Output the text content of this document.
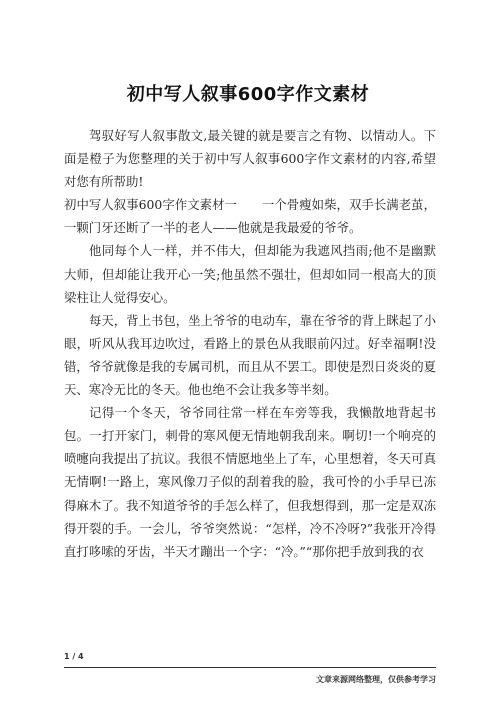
初中写人叙事600字作文素材

驾驭好写人叙事散文,最关键的就是要言之有物、以情动人。下面是橙子为您整理的关于初中写人叙事600字作文素材的内容,希望对您有所帮助!

初中写人叙事600字作文素材一　　一个骨瘦如柴，双手长满老茧，一颗门牙还断了一半的老人——他就是我最爱的爷爷。

他同每个人一样，并不伟大，但却能为我遮风挡雨;他不是幽默大师，但却能让我开心一笑;他虽然不强壮，但却如同一根高大的顶梁柱让人觉得安心。

每天，背上书包，坐上爷爷的电动车，靠在爷爷的背上眯起了小眼，听风从我耳边吹过，看路上的景色从我眼前闪过。好幸福啊!没错，爷爷就像是我的专属司机，而且从不罢工。即使是烈日炎炎的夏天、寒冷无比的冬天。他也绝不会让我多等半刻。

记得一个冬天，爷爷同往常一样在车旁等我，我懒散地背起书包。一打开家门，刺骨的寒风便无情地朝我刮来。啊切!一个响亮的喷嚏向我提出了抗议。我很不情愿地坐上了车，心里想着，冬天可真无情啊!一路上，寒风像刀子似的刮着我的脸，我可怜的小手早已冻得麻木了。我不知道爷爷的手怎么样了，但我想得到，那一定是双冻得开裂的手。一会儿，爷爷突然说：“怎样，冷不冷呀?”我张开冷得直打哆嗦的牙齿，半天才蹦出一个字：“冷。”“那你把手放到我的衣

1 / 4
文章来源网络整理，仅供参考学习
